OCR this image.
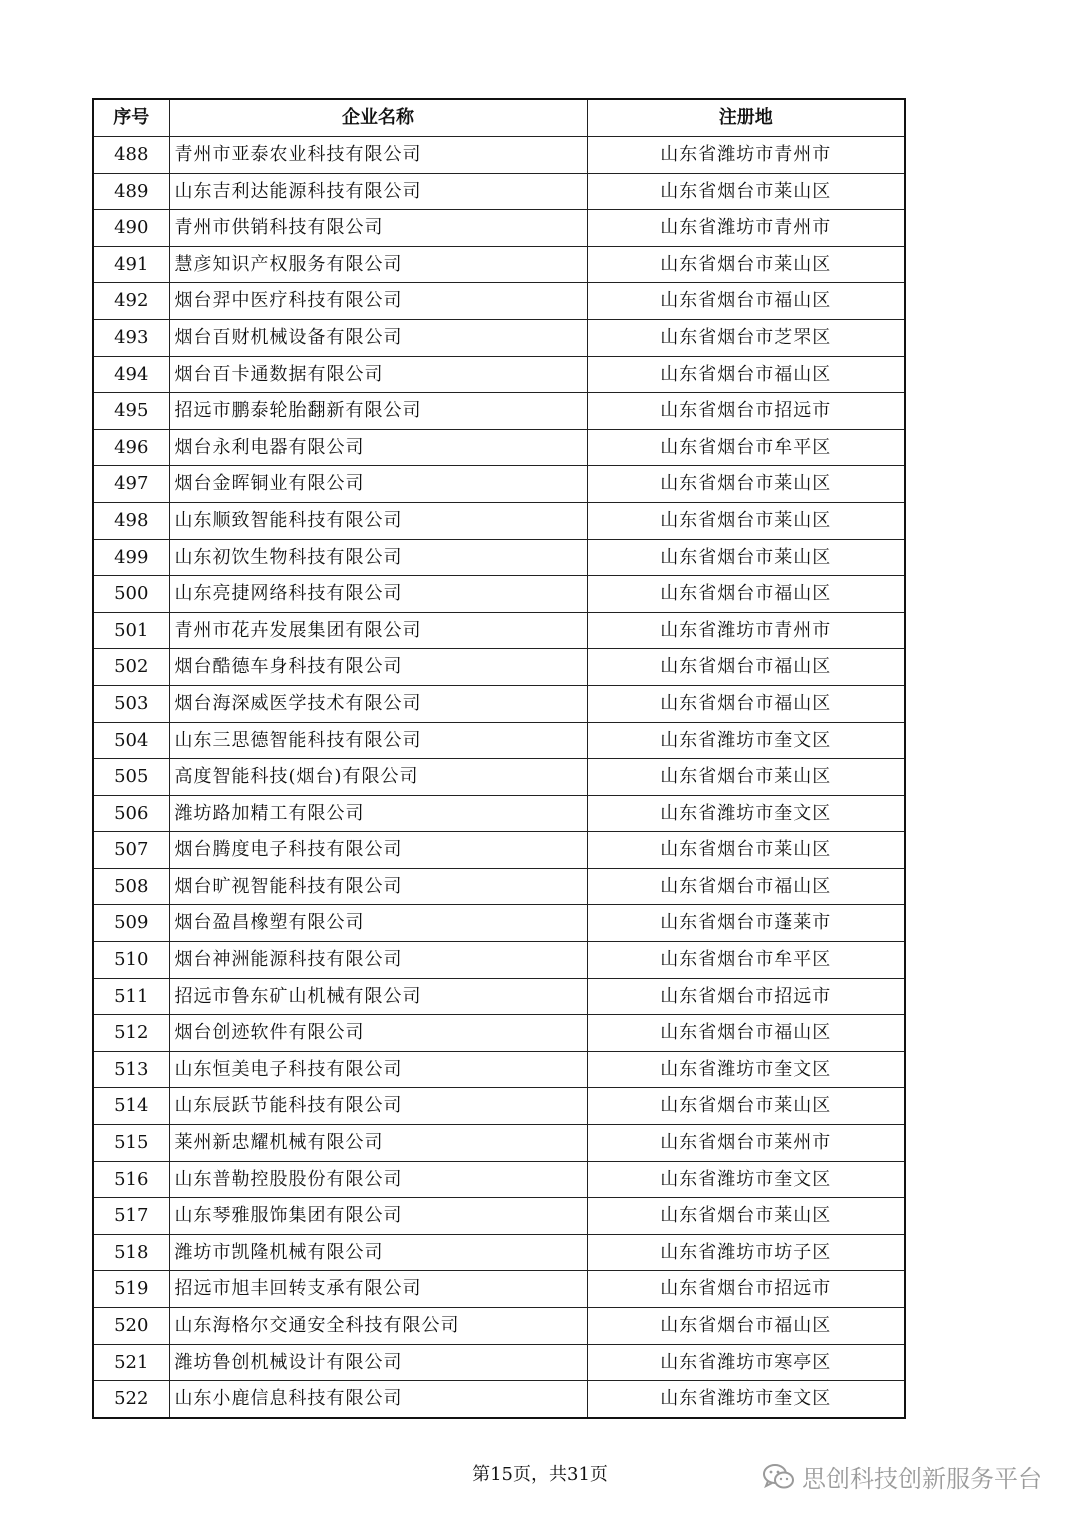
序号	企业名称	注册地
488	青州市亚泰农业科技有限公司	山东省潍坊市青州市
489	山东吉利达能源科技有限公司	山东省烟台市莱山区
490	青州市供销科技有限公司	山东省潍坊市青州市
491	慧彦知识产权服务有限公司	山东省烟台市莱山区
492	烟台羿中医疗科技有限公司	山东省烟台市福山区
493	烟台百财机械设备有限公司	山东省烟台市芝罘区
494	烟台百卡通数据有限公司	山东省烟台市福山区
495	招远市鹏泰轮胎翻新有限公司	山东省烟台市招远市
496	烟台永利电器有限公司	山东省烟台市牟平区
497	烟台金晖铜业有限公司	山东省烟台市莱山区
498	山东顺致智能科技有限公司	山东省烟台市莱山区
499	山东初饮生物科技有限公司	山东省烟台市莱山区
500	山东亮捷网络科技有限公司	山东省烟台市福山区
501	青州市花卉发展集团有限公司	山东省潍坊市青州市
502	烟台酷德车身科技有限公司	山东省烟台市福山区
503	烟台海深威医学技术有限公司	山东省烟台市福山区
504	山东三思德智能科技有限公司	山东省潍坊市奎文区
505	高度智能科技(烟台)有限公司	山东省烟台市莱山区
506	潍坊路加精工有限公司	山东省潍坊市奎文区
507	烟台腾度电子科技有限公司	山东省烟台市莱山区
508	烟台旷视智能科技有限公司	山东省烟台市福山区
509	烟台盈昌橡塑有限公司	山东省烟台市蓬莱市
510	烟台神洲能源科技有限公司	山东省烟台市牟平区
511	招远市鲁东矿山机械有限公司	山东省烟台市招远市
512	烟台创迹软件有限公司	山东省烟台市福山区
513	山东恒美电子科技有限公司	山东省潍坊市奎文区
514	山东辰跃节能科技有限公司	山东省烟台市莱山区
515	莱州新忠耀机械有限公司	山东省烟台市莱州市
516	山东普勒控股股份有限公司	山东省潍坊市奎文区
517	山东琴雅服饰集团有限公司	山东省烟台市莱山区
518	潍坊市凯隆机械有限公司	山东省潍坊市坊子区
519	招远市旭丰回转支承有限公司	山东省烟台市招远市
520	山东海格尔交通安全科技有限公司	山东省烟台市福山区
521	潍坊鲁创机械设计有限公司	山东省潍坊市寒亭区
522	山东小鹿信息科技有限公司	山东省潍坊市奎文区
第15页，共31页	思创科技创新服务平台
